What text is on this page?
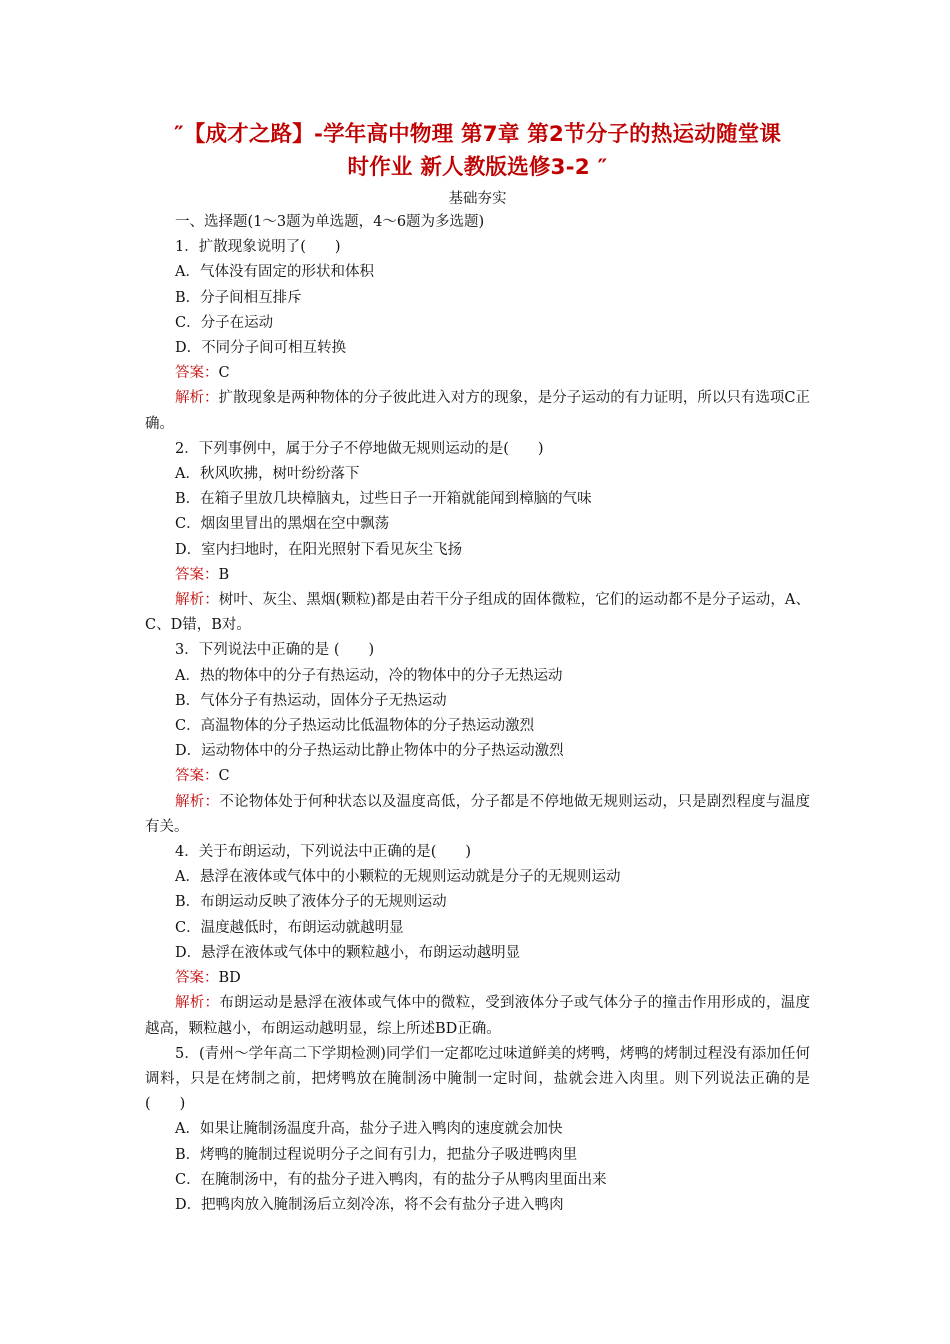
″【成才之路】-学年高中物理 第7章 第2节分子的热运动随堂课
时作业 新人教版选修3-2 ″
基础夯实
一、选择题(1～3题为单选题，4～6题为多选题)
1．扩散现象说明了(　　)
A．气体没有固定的形状和体积
B．分子间相互排斥
C．分子在运动
D．不同分子间可相互转换
答案：C
解析：扩散现象是两种物体的分子彼此进入对方的现象，是分子运动的有力证明，所以只有选项C正确。
2．下列事例中，属于分子不停地做无规则运动的是(　　)
A．秋风吹拂，树叶纷纷落下
B．在箱子里放几块樟脑丸，过些日子一开箱就能闻到樟脑的气味
C．烟囱里冒出的黑烟在空中飘荡
D．室内扫地时，在阳光照射下看见灰尘飞扬
答案：B
解析：树叶、灰尘、黑烟(颗粒)都是由若干分子组成的固体微粒，它们的运动都不是分子运动，A、C、D错，B对。
3．下列说法中正确的是 (　　)
A．热的物体中的分子有热运动，冷的物体中的分子无热运动
B．气体分子有热运动，固体分子无热运动
C．高温物体的分子热运动比低温物体的分子热运动激烈
D．运动物体中的分子热运动比静止物体中的分子热运动激烈
答案：C
解析：不论物体处于何种状态以及温度高低，分子都是不停地做无规则运动，只是剧烈程度与温度有关。
4．关于布朗运动，下列说法中正确的是(　　)
A．悬浮在液体或气体中的小颗粒的无规则运动就是分子的无规则运动
B．布朗运动反映了液体分子的无规则运动
C．温度越低时，布朗运动就越明显
D．悬浮在液体或气体中的颗粒越小，布朗运动越明显
答案：BD
解析：布朗运动是悬浮在液体或气体中的微粒，受到液体分子或气体分子的撞击作用形成的，温度越高，颗粒越小，布朗运动越明显，综上所述BD正确。
5．(青州～学年高二下学期检测)同学们一定都吃过味道鲜美的烤鸭，烤鸭的烤制过程没有添加任何调料，只是在烤制之前，把烤鸭放在腌制汤中腌制一定时间，盐就会进入肉里。则下列说法正确的是(　　)
A．如果让腌制汤温度升高，盐分子进入鸭肉的速度就会加快
B．烤鸭的腌制过程说明分子之间有引力，把盐分子吸进鸭肉里
C．在腌制汤中，有的盐分子进入鸭肉，有的盐分子从鸭肉里面出来
D．把鸭肉放入腌制汤后立刻冷冻，将不会有盐分子进入鸭肉
